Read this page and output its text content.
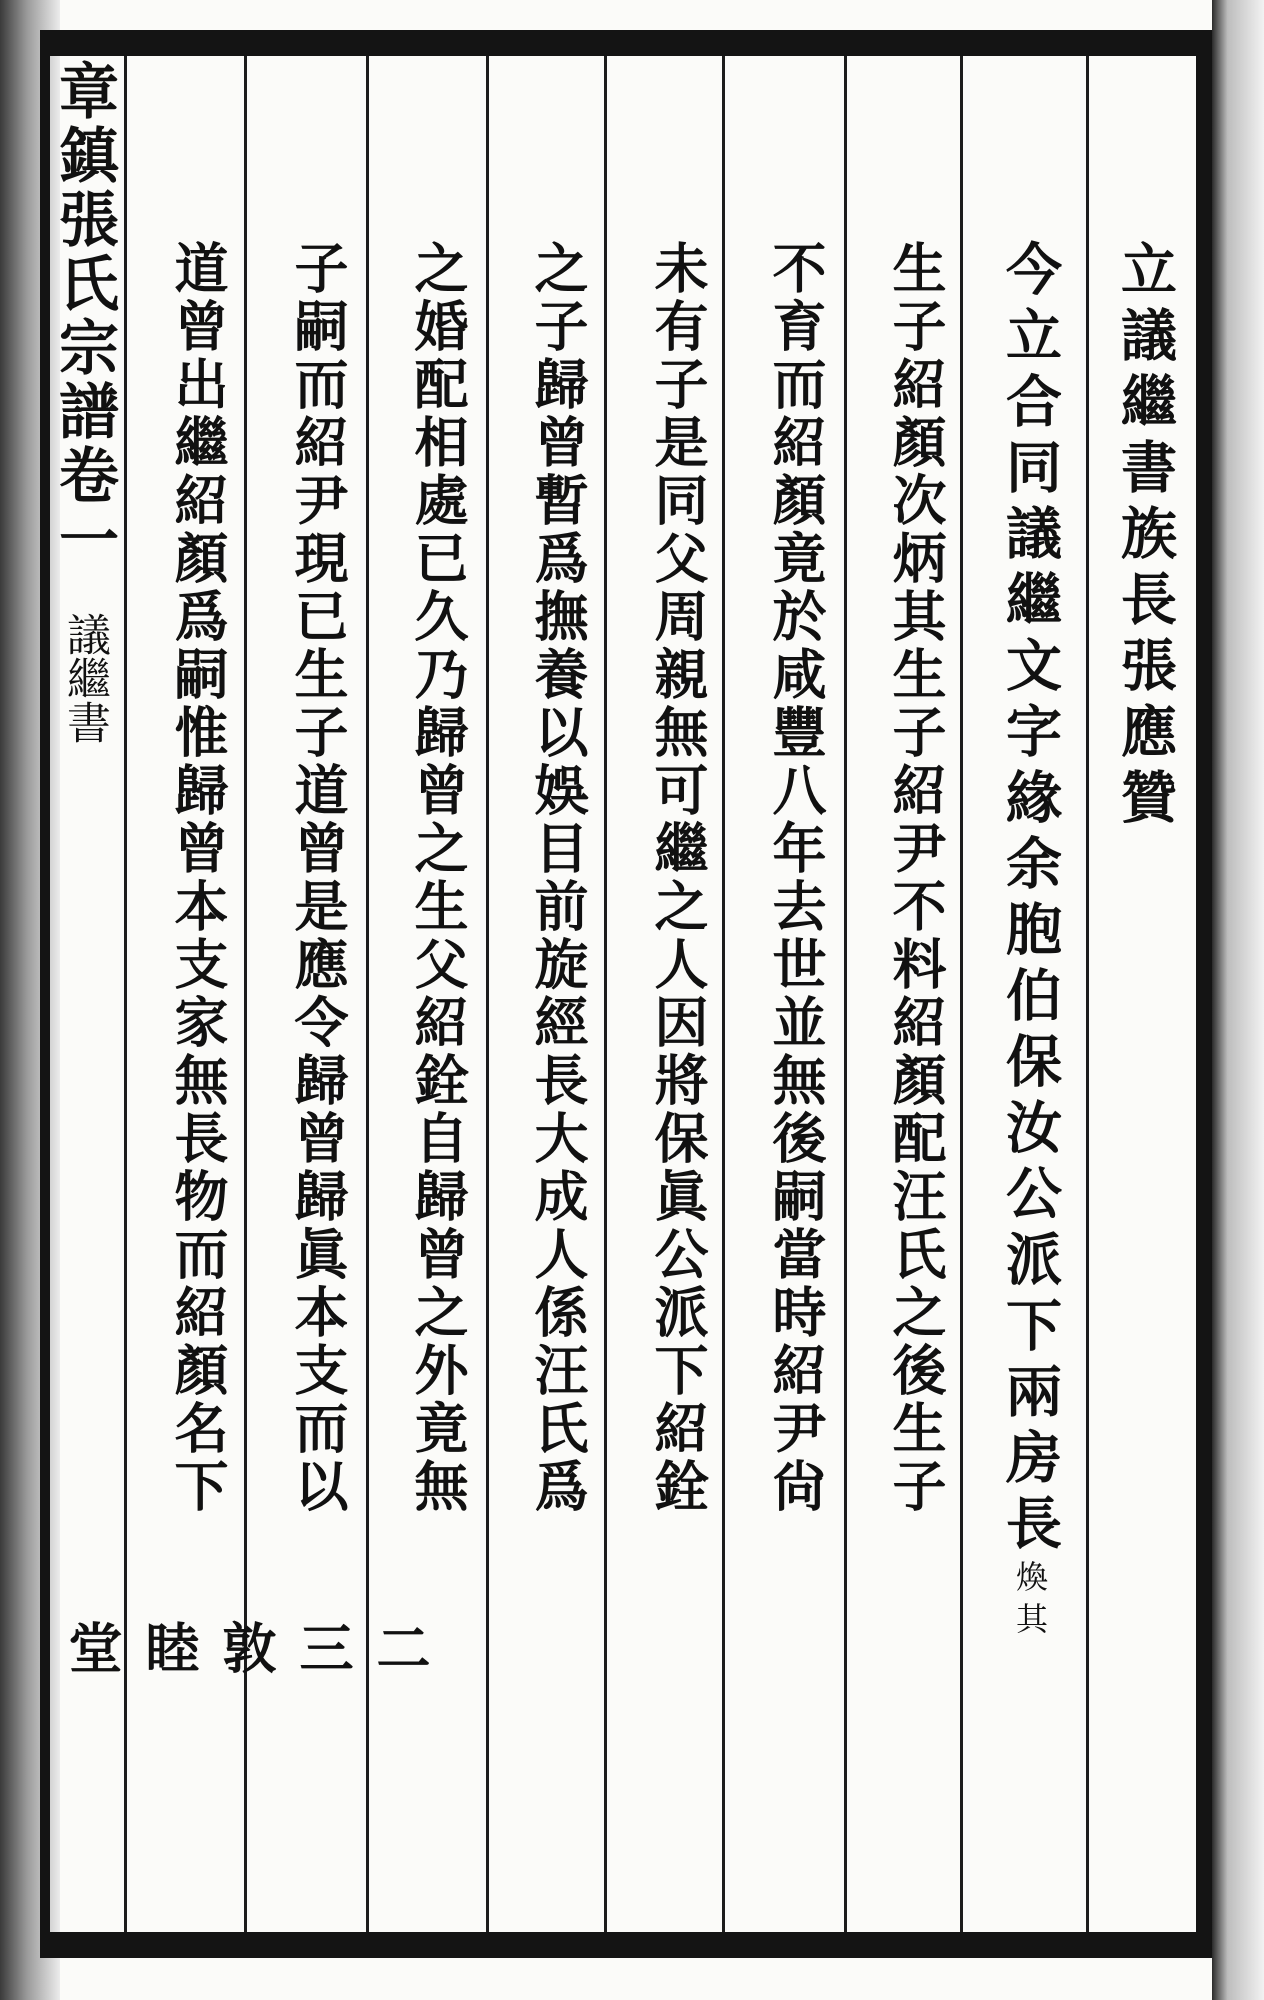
章鎮張氏宗譜卷一
議繼書
二三 敦睦堂
立議繼書族長張應贊
今立合同議繼文字緣余胞伯保汝公派下兩房長煥其
生子紹顏次炳其生子紹尹不料紹顏配汪氏之後生子
不育而紹顏竟於咸豐八年去世並無後嗣當時紹尹尙
未有子是同父周親無可繼之人因將保眞公派下紹銓
之子歸曾暫爲撫養以娛目前旋經長大成人係汪氏爲
之婚配相處已久乃歸曾之生父紹銓自歸曾之外竟無
子嗣而紹尹現已生子道曾是應令歸曾歸眞本支而以
道曾出繼紹顏爲嗣惟歸曾本支家無長物而紹顏名下
